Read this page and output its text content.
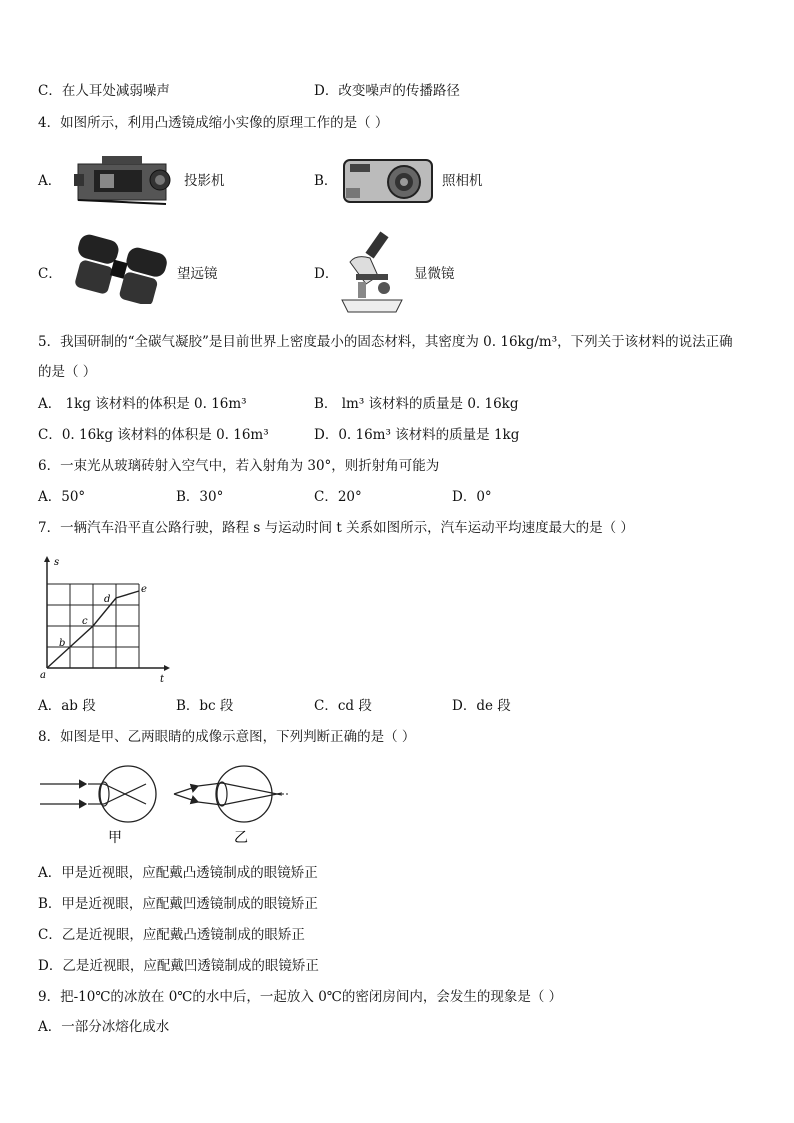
C．在人耳处减弱噪声	D．改变噪声的传播路径
4．如图所示，利用凸透镜成缩小实像的原理工作的是（ ）
A．	投影机	B．	照相机
C．	望远镜	D．	显微镜
5．我国研制的“全碳气凝胶”是目前世界上密度最小的固态材料，其密度为 0. 16kg/m³，下列关于该材料的说法正确
的是（ ）
A． 1kg 该材料的体积是 0. 16m³	B． lm³ 该材料的质量是 0. 16kg
C．0. 16kg 该材料的体积是 0. 16m³	D．0. 16m³ 该材料的质量是 1kg
6．一束光从玻璃砖射入空气中，若入射角为 30°，则折射角可能为
A．50°	B．30°	C．20°	D．0°
7．一辆汽车沿平直公路行驶，路程 s 与运动时间 t 关系如图所示，汽车运动平均速度最大的是（ ）
s
t
a
b
c
d
e
A．ab 段	B．bc 段	C．cd 段	D．de 段
8．如图是甲、乙两眼睛的成像示意图，下列判断正确的是（ ）
甲	乙
A．甲是近视眼，应配戴凸透镜制成的眼镜矫正
B．甲是近视眼，应配戴凹透镜制成的眼镜矫正
C．乙是近视眼，应配戴凸透镜制成的眼矫正
D．乙是近视眼，应配戴凹透镜制成的眼镜矫正
9．把-10℃的冰放在 0℃的水中后，一起放入 0℃的密闭房间内，会发生的现象是（ ）
A．一部分冰熔化成水
